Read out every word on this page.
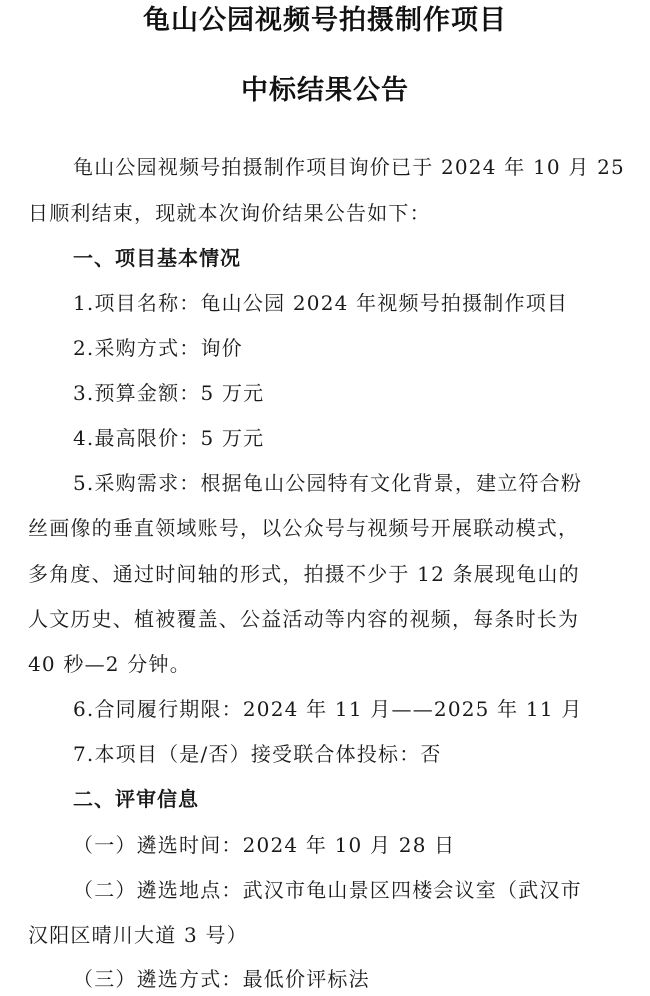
龟山公园视频号拍摄制作项目
中标结果公告
龟山公园视频号拍摄制作项目询价已于 2024 年 10 月 25
日顺利结束，现就本次询价结果公告如下：
一、项目基本情况
1.项目名称：龟山公园 2024 年视频号拍摄制作项目
2.采购方式：询价
3.预算金额：5 万元
4.最高限价：5 万元
5.采购需求：根据龟山公园特有文化背景，建立符合粉
丝画像的垂直领域账号，以公众号与视频号开展联动模式，
多角度、通过时间轴的形式，拍摄不少于 12 条展现龟山的
人文历史、植被覆盖、公益活动等内容的视频，每条时长为
40 秒—2 分钟。
6.合同履行期限：2024 年 11 月——2025 年 11 月
7.本项目（是/否）接受联合体投标：否
二、评审信息
（一）遴选时间：2024 年 10 月 28 日
（二）遴选地点：武汉市龟山景区四楼会议室（武汉市
汉阳区晴川大道 3 号）
（三）遴选方式：最低价评标法
